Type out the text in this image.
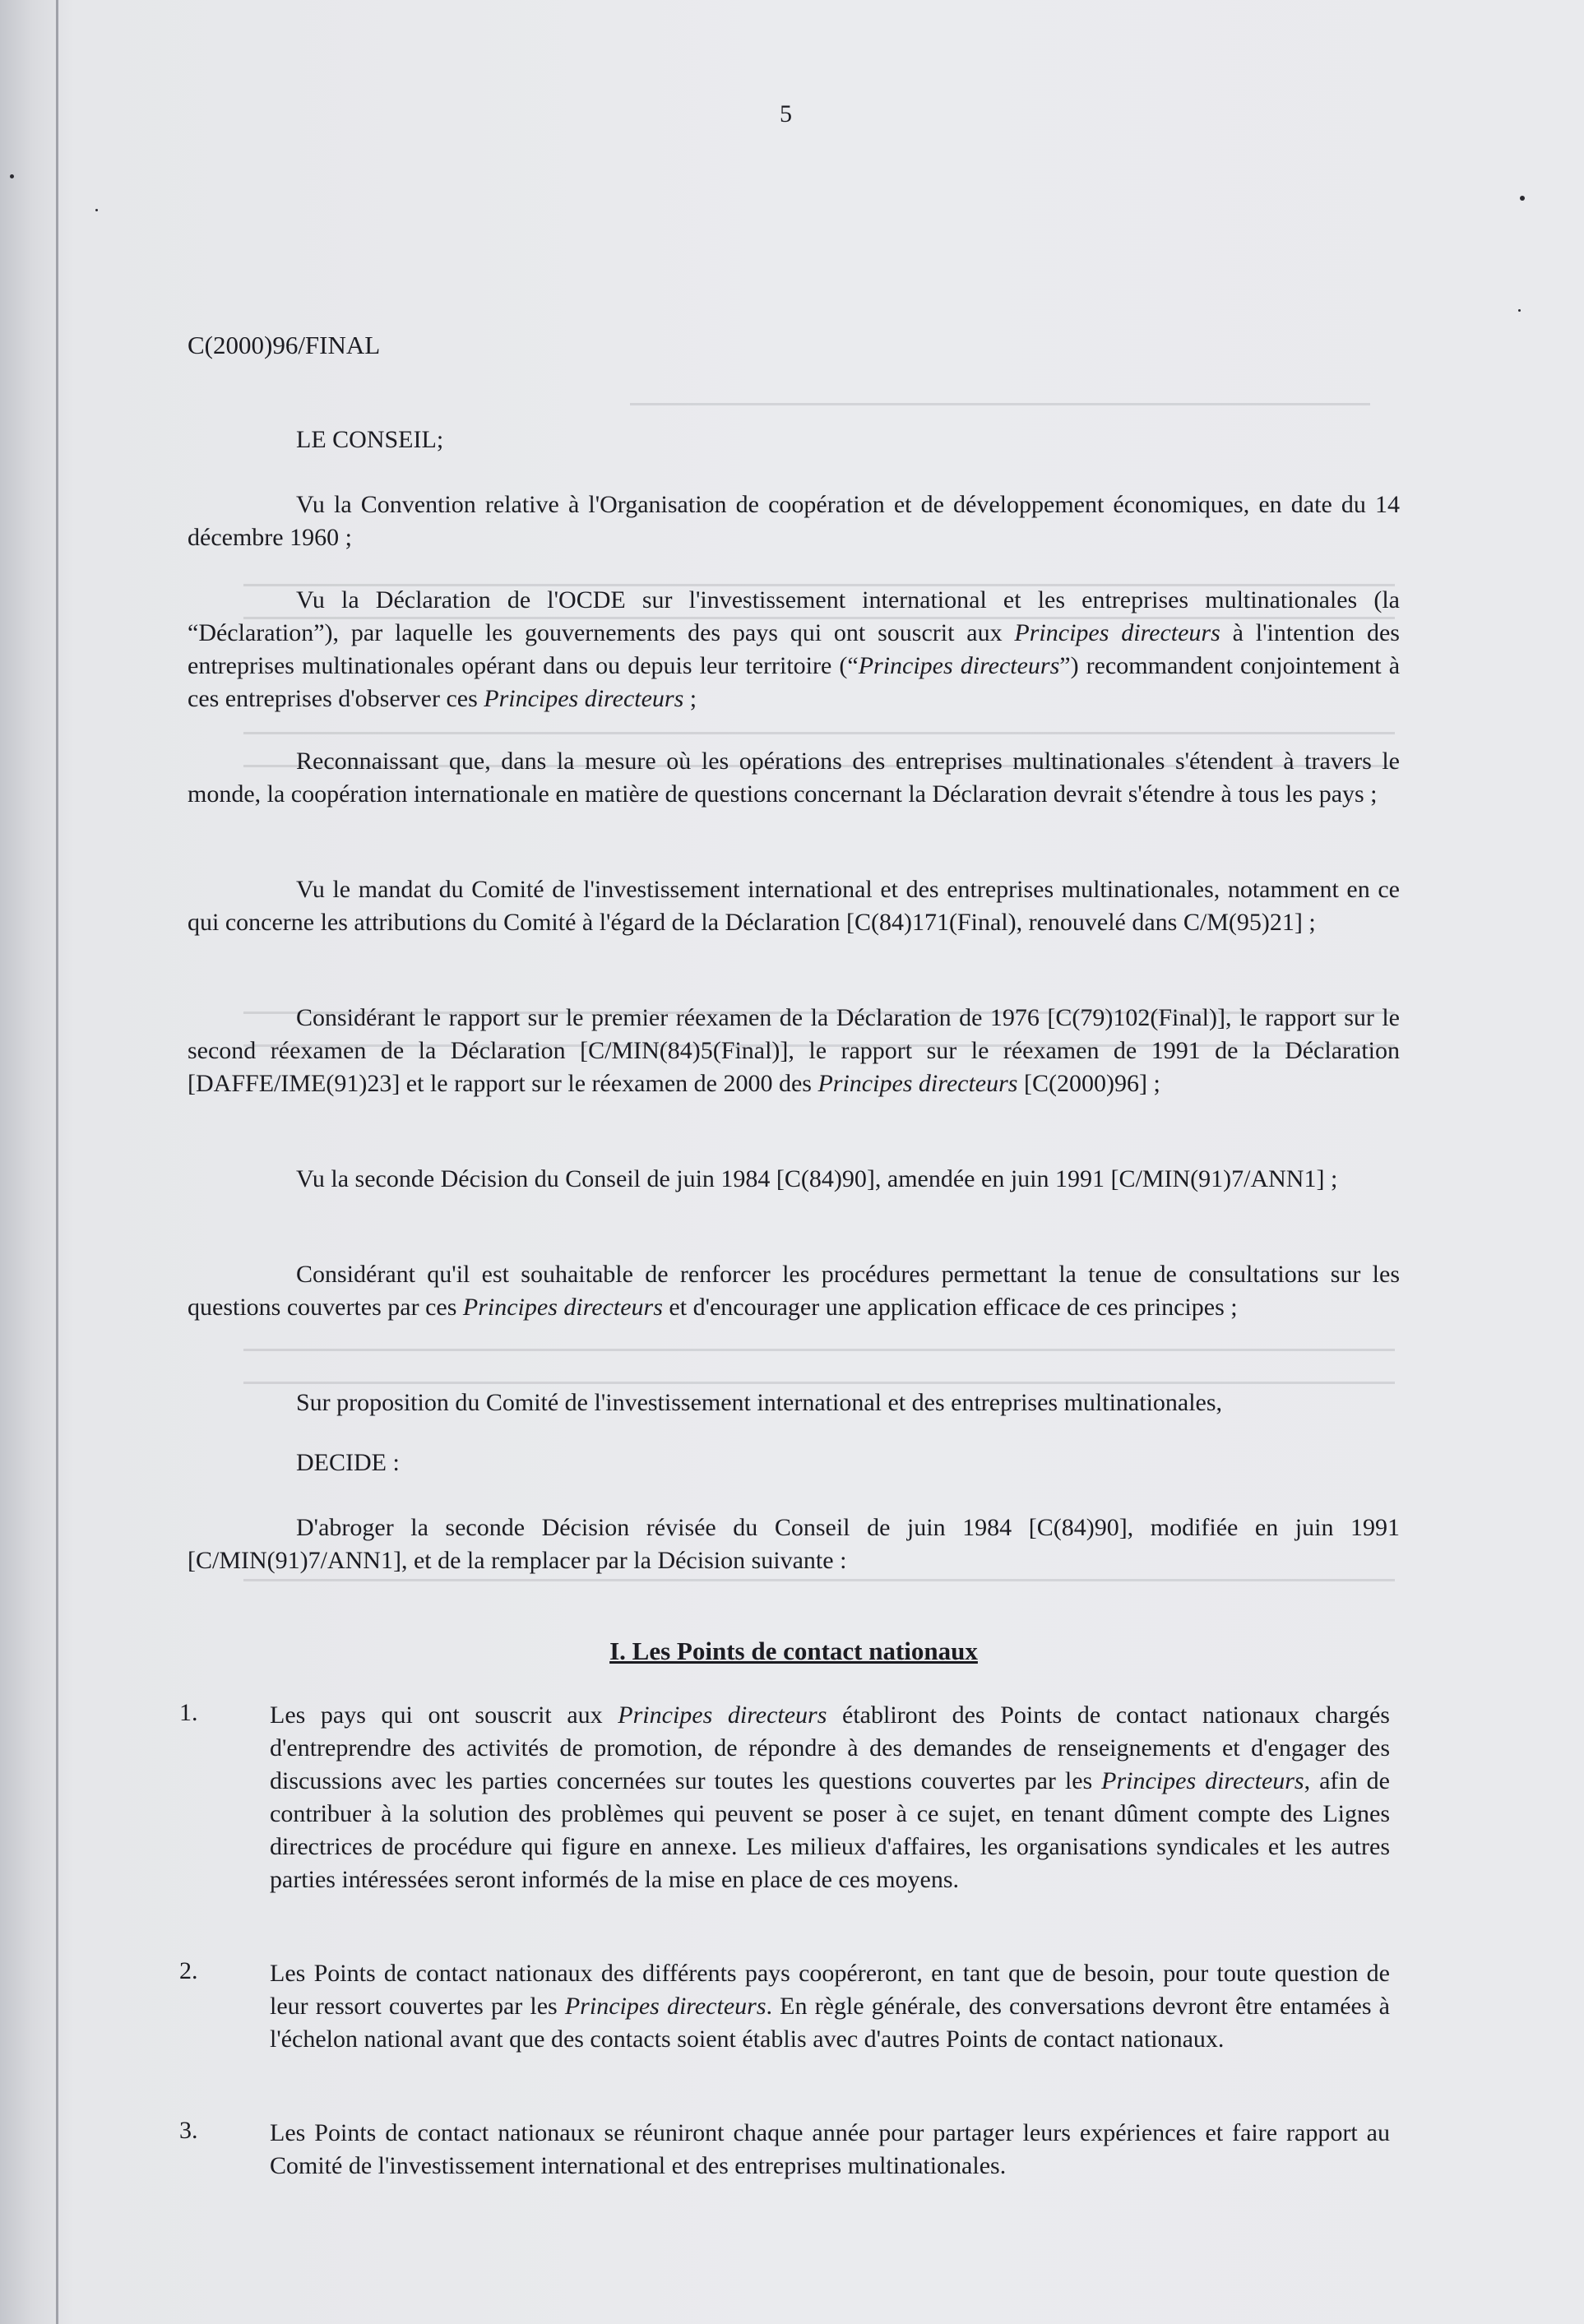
5
C(2000)96/FINAL
LE CONSEIL;
Vu la Convention relative à l'Organisation de coopération et de développement économiques, en date du 14 décembre 1960 ;
Vu la Déclaration de l'OCDE sur l'investissement international et les entreprises multinationales (la “Déclaration”), par laquelle les gouvernements des pays qui ont souscrit aux Principes directeurs à l'intention des entreprises multinationales opérant dans ou depuis leur territoire (“Principes directeurs”) recommandent conjointement à ces entreprises d'observer ces Principes directeurs ;
Reconnaissant que, dans la mesure où les opérations des entreprises multinationales s'étendent à travers le monde, la coopération internationale en matière de questions concernant la Déclaration devrait s'étendre à tous les pays ;
Vu le mandat du Comité de l'investissement international et des entreprises multinationales, notamment en ce qui concerne les attributions du Comité à l'égard de la Déclaration [C(84)171(Final), renouvelé dans C/M(95)21] ;
Considérant le rapport sur le premier réexamen de la Déclaration de 1976 [C(79)102(Final)], le rapport sur le second réexamen de la Déclaration [C/MIN(84)5(Final)], le rapport sur le réexamen de 1991 de la Déclaration [DAFFE/IME(91)23] et le rapport sur le réexamen de 2000 des Principes directeurs [C(2000)96] ;
Vu la seconde Décision du Conseil de juin 1984 [C(84)90], amendée en juin 1991 [C/MIN(91)7/ANN1] ;
Considérant qu'il est souhaitable de renforcer les procédures permettant la tenue de consultations sur les questions couvertes par ces Principes directeurs et d'encourager une application efficace de ces principes ;
Sur proposition du Comité de l'investissement international et des entreprises multinationales,
DECIDE :
D'abroger la seconde Décision révisée du Conseil de juin 1984 [C(84)90], modifiée en juin 1991 [C/MIN(91)7/ANN1], et de la remplacer par la Décision suivante :
I. Les Points de contact nationaux
1.	Les pays qui ont souscrit aux Principes directeurs établiront des Points de contact nationaux chargés d'entreprendre des activités de promotion, de répondre à des demandes de renseignements et d'engager des discussions avec les parties concernées sur toutes les questions couvertes par les Principes directeurs, afin de contribuer à la solution des problèmes qui peuvent se poser à ce sujet, en tenant dûment compte des Lignes directrices de procédure qui figure en annexe. Les milieux d'affaires, les organisations syndicales et les autres parties intéressées seront informés de la mise en place de ces moyens.
2.	Les Points de contact nationaux des différents pays coopéreront, en tant que de besoin, pour toute question de leur ressort couvertes par les Principes directeurs. En règle générale, des conversations devront être entamées à l'échelon national avant que des contacts soient établis avec d'autres Points de contact nationaux.
3.	Les Points de contact nationaux se réuniront chaque année pour partager leurs expériences et faire rapport au Comité de l'investissement international et des entreprises multinationales.
